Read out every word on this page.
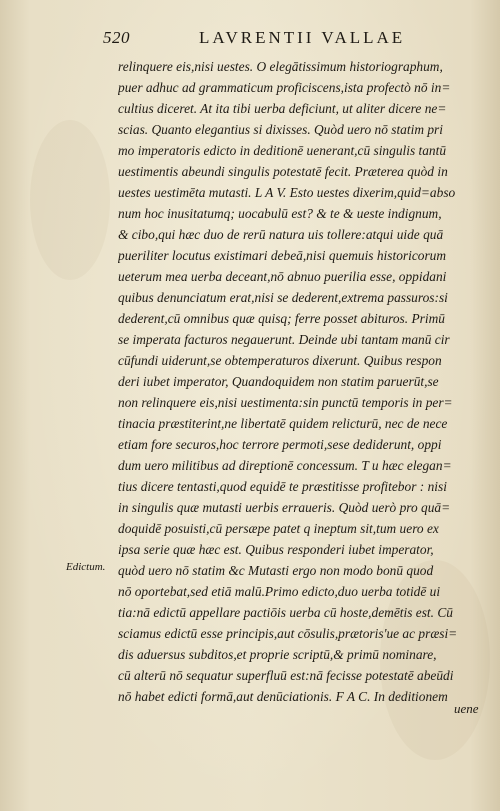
520	LAVRENTII VALLAE
Edictum.
relinquere eis,nisi uestes. O elegātissimum historiographum,
puer adhuc ad grammaticum proficiscens,ista profectò nō in=
cultius diceret. At ita tibi uerba deficiunt, ut aliter dicere ne=
scias. Quanto elegantius si dixisses. Quòd uero nō statim pri
mo imperatoris edicto in deditionē uenerant,cū singulis tantū
uestimentis abeundi singulis potestatē fecit. Præterea quòd in
uestes uestimēta mutasti. L A V. Esto uestes dixerim,quid=abso
num hoc inusitatumq; uocabulū est? & te & ueste indignum,
& cibo,qui hæc duo de rerū natura uis tollere:atqui uide quā
pueriliter locutus existimari debeā,nisi quemuis historicorum
ueterum mea uerba deceant,nō abnuo puerilia esse, oppidani
quibus denunciatum erat,nisi se dederent,extrema passuros:si
dederent,cū omnibus quæ quisq; ferre posset abituros. Primū
se imperata facturos negauerunt. Deinde ubi tantam manū cir
cūfundi uiderunt,se obtemperaturos dixerunt. Quibus respon
deri iubet imperator, Quandoquidem non statim paruerūt,se
non relinquere eis,nisi uestimenta:sin punctū temporis in per=
tinacia præstiterint,ne libertatē quidem relicturū, nec de nece
etiam fore securos,hoc terrore permoti,sese dediderunt, oppi
dum uero militibus ad direptionē concessum. T u hæc elegan=
tius dicere tentasti,quod equidē te præstitisse profitebor : nisi
in singulis quæ mutasti uerbis erraueris. Quòd uerò pro quā=
doquidē posuisti,cū persæpe patet q ineptum sit,tum uero ex
ipsa serie quæ hæc est. Quibus responderi iubet imperator,
quòd uero nō statim &c Mutasti ergo non modo bonū quod
nō oportebat,sed etiā malū.Primo edicto,duo uerba totidē ui
tia:nā edictū appellare pactiōis uerba cū hoste,demētis est. Cū
sciamus edictū esse principis,aut cōsulis,prætoris'ue ac præsi=
dis aduersus subditos,et proprie scriptū,& primū nominare,
cū alterū nō sequatur superfluū est:nā fecisse potestatē abeūdi
nō habet edicti formā,aut denūciationis. F A C. In deditionem
uene
